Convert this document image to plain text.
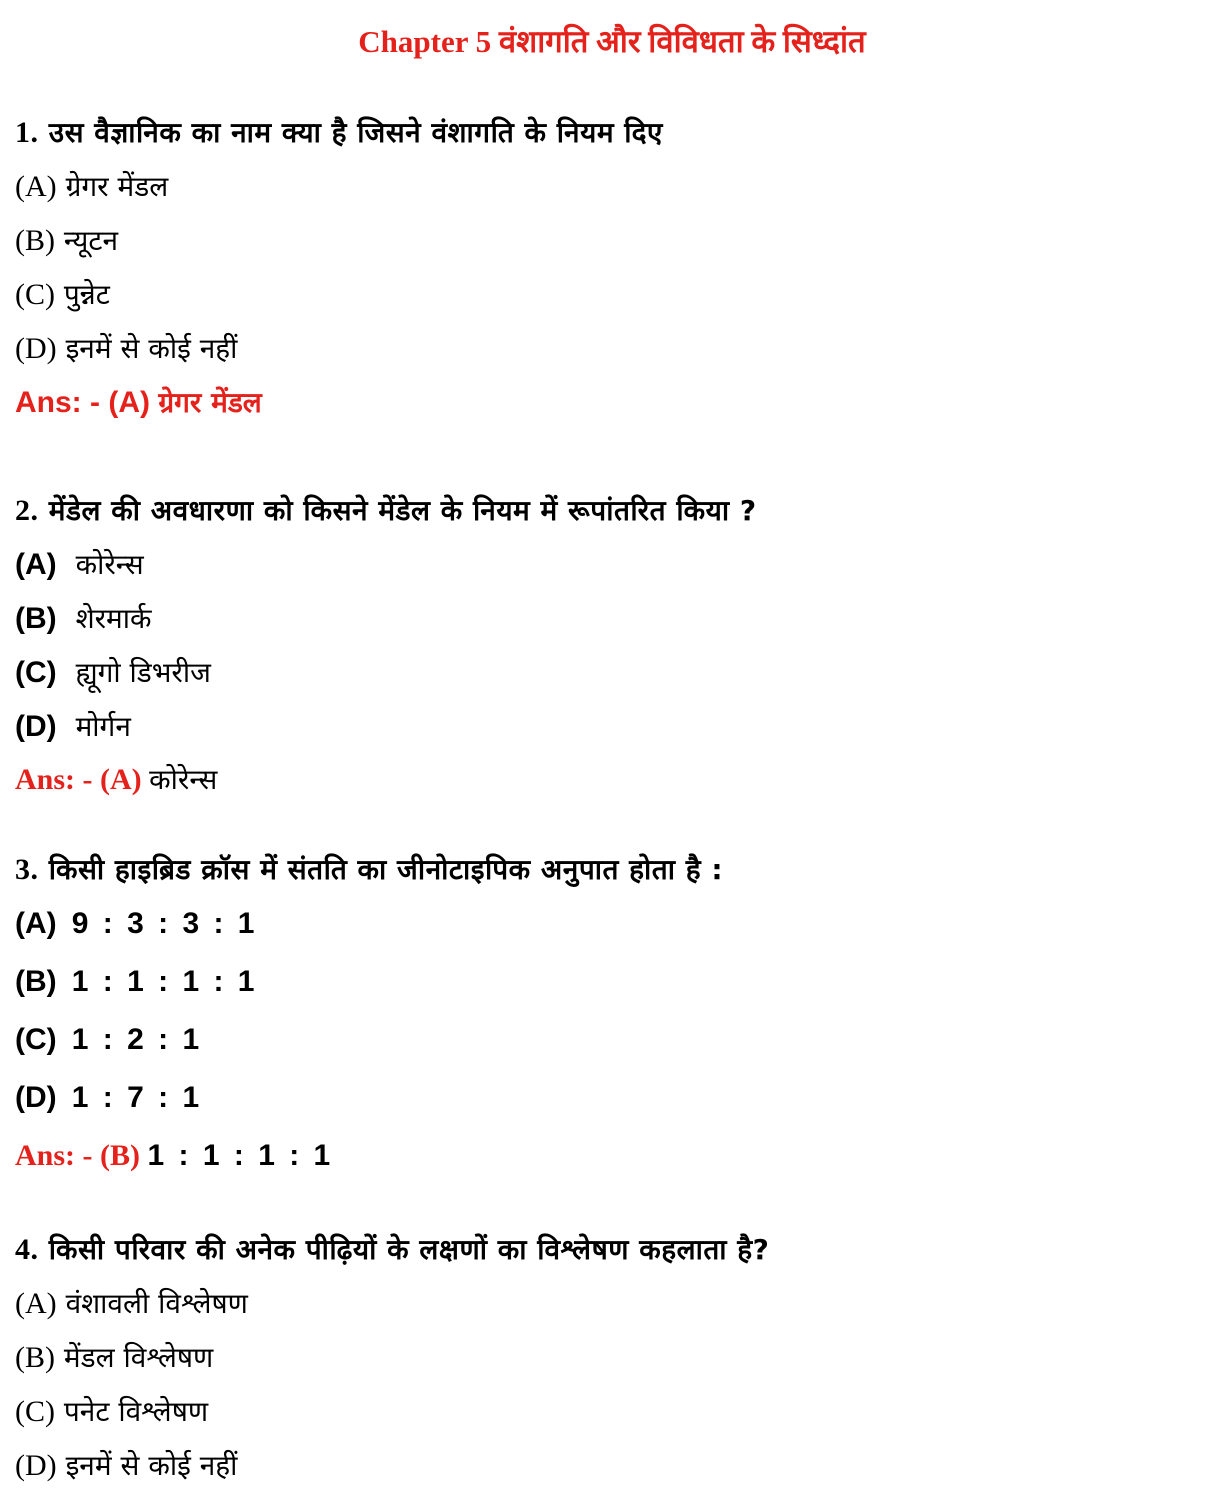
Chapter 5 वंशागति और विविधता के सिध्दांत
1. उस वैज्ञानिक का नाम क्या है जिसने वंशागति के नियम दिए
(A) ग्रेगर मेंडल
(B) न्यूटन
(C) पुन्नेट
(D) इनमें से कोई नहीं
Ans: - (A) ग्रेगर मेंडल
2. मेंडेल की अवधारणा को किसने मेंडेल के नियम में रूपांतरित किया ?
(A) कोरेन्स
(B) शेरमार्क
(C) ह्यूगो डिभरीज
(D) मोर्गन
Ans: - (A) कोरेन्स
3. किसी हाइब्रिड क्रॉस में संतति का जीनोटाइपिक अनुपात होता है :
(A) 9 : 3 : 3 : 1
(B) 1 : 1 : 1 : 1
(C) 1 : 2 : 1
(D) 1 : 7 : 1
Ans: - (B) 1 : 1 : 1 : 1
4. किसी परिवार की अनेक पीढ़ियों के लक्षणों का विश्लेषण कहलाता है?
(A) वंशावली विश्लेषण
(B) मेंडल विश्लेषण
(C) पनेट विश्लेषण
(D) इनमें से कोई नहीं
